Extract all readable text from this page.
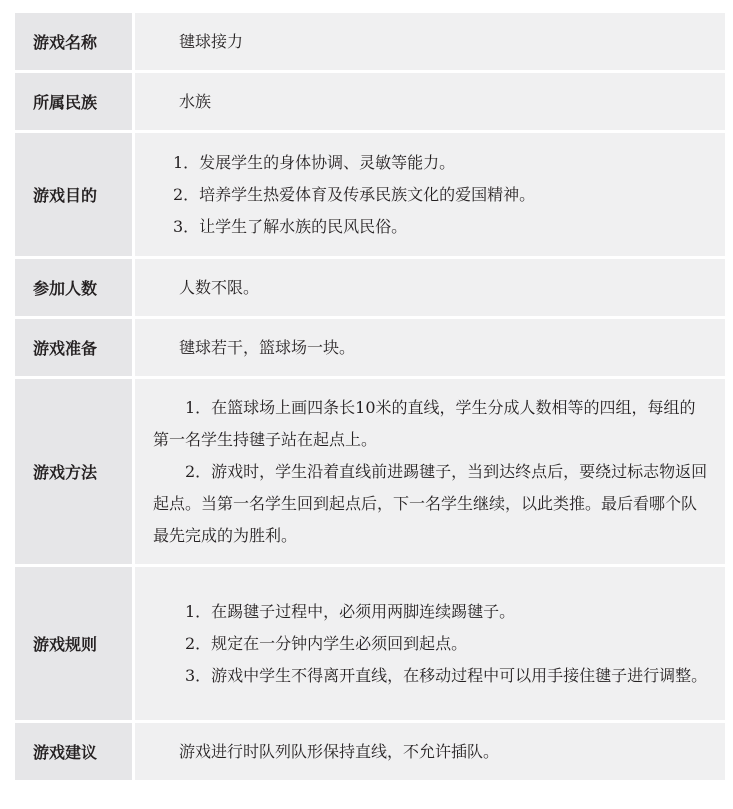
游戏名称	毽球接力

所属民族	水族

游戏目的	1．发展学生的身体协调、灵敏等能力。
2．培养学生热爱体育及传承民族文化的爱国精神。
3．让学生了解水族的民风民俗。

参加人数	人数不限。

游戏准备	毽球若干，篮球场一块。

游戏方法	1．在篮球场上画四条长10米的直线，学生分成人数相等的四组，每组的第一名学生持毽子站在起点上。
2．游戏时，学生沿着直线前进踢毽子，当到达终点后，要绕过标志物返回起点。当第一名学生回到起点后，下一名学生继续，以此类推。最后看哪个队最先完成的为胜利。

游戏规则	1．在踢毽子过程中，必须用两脚连续踢毽子。
2．规定在一分钟内学生必须回到起点。
3．游戏中学生不得离开直线，在移动过程中可以用手接住毽子进行调整。

游戏建议	游戏进行时队列队形保持直线，不允许插队。
